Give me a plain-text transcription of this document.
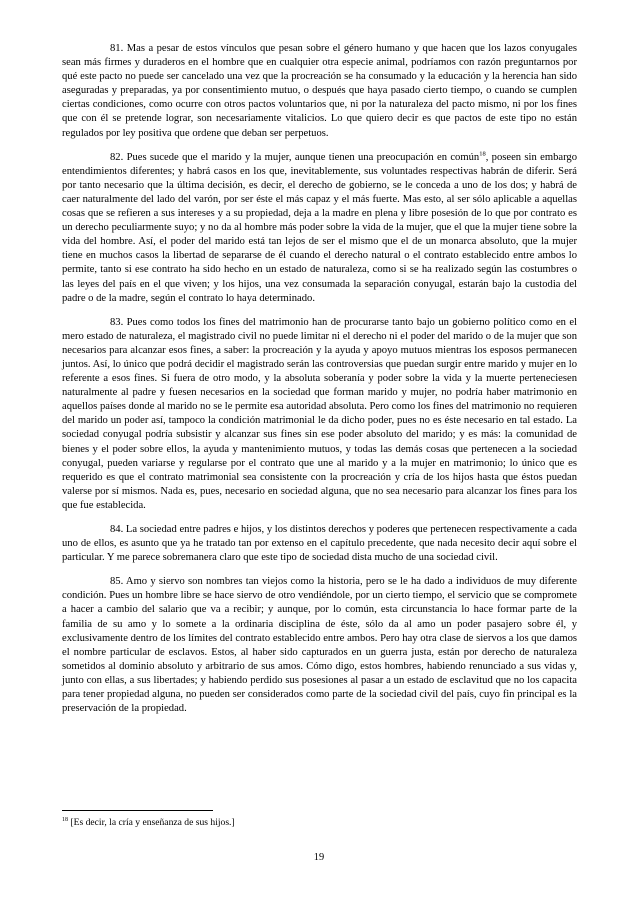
81. Mas a pesar de estos vínculos que pesan sobre el género humano y que hacen que los lazos conyugales sean más firmes y duraderos en el hombre que en cualquier otra especie animal, podríamos con razón preguntarnos por qué este pacto no puede ser cancelado una vez que la procreación se ha consumado y la educación y la herencia han sido aseguradas y preparadas, ya por consentimiento mutuo, o después que haya pasado cierto tiempo, o cuando se cumplen ciertas condiciones, como ocurre con otros pactos voluntarios que, ni por la naturaleza del pacto mismo, ni por los fines que con él se pretende lograr, son necesariamente vitalicios. Lo que quiero decir es que pactos de este tipo no están regulados por ley positiva que ordene que deban ser perpetuos.

82. Pues sucede que el marido y la mujer, aunque tienen una preocupación en común$^{18}$, poseen sin embargo entendimientos diferentes; y habrá casos en los que, inevitablemente, sus voluntades respectivas habrán de diferir. Será por tanto necesario que la última decisión, es decir, el derecho de gobierno, se le conceda a uno de los dos; y habrá de caer naturalmente del lado del varón, por ser éste el más capaz y el más fuerte. Mas esto, al ser sólo aplicable a aquellas cosas que se refieren a sus intereses y a su propiedad, deja a la madre en plena y libre posesión de lo que por contrato es un derecho peculiarmente suyo; y no da al hombre más poder sobre la vida de la mujer, que el que la mujer tiene sobre la vida del hombre. Así, el poder del marido está tan lejos de ser el mismo que el de un monarca absoluto, que la mujer tiene en muchos casos la libertad de separarse de él cuando el derecho natural o el contrato establecido entre ambos lo permite, tanto si ese contrato ha sido hecho en un estado de naturaleza, como si se ha realizado según las costumbres o las leyes del país en el que viven; y los hijos, una vez consumada la separación conyugal, estarán bajo la custodia del padre o de la madre, según el contrato lo haya determinado.

83. Pues como todos los fines del matrimonio han de procurarse tanto bajo un gobierno político como en el mero estado de naturaleza, el magistrado civil no puede limitar ni el derecho ni el poder del marido o de la mujer que son necesarios para alcanzar esos fines, a saber: la procreación y la ayuda y apoyo mutuos mientras los esposos permanecen juntos. Así, lo único que podrá decidir el magistrado serán las controversias que puedan surgir entre marido y mujer en lo referente a esos fines. Si fuera de otro modo, y la absoluta soberanía y poder sobre la vida y la muerte perteneciesen naturalmente al padre y fuesen necesarios en la sociedad que forman marido y mujer, no podría haber matrimonio en aquellos países donde al marido no se le permite esa autoridad absoluta. Pero como los fines del matrimonio no requieren del marido un poder así, tampoco la condición matrimonial le da dicho poder, pues no es éste necesario en tal estado. La sociedad conyugal podría subsistir y alcanzar sus fines sin ese poder absoluto del marido; y es más: la comunidad de bienes y el poder sobre ellos, la ayuda y mantenimiento mutuos, y todas las demás cosas que pertenecen a la sociedad conyugal, pueden variarse y regularse por el contrato que une al marido y a la mujer en matrimonio; lo único que es requerido es que el contrato matrimonial sea consistente con la procreación y cría de los hijos hasta que éstos puedan valerse por sí mismos. Nada es, pues, necesario en sociedad alguna, que no sea necesario para alcanzar los fines para los que fue establecida.

84. La sociedad entre padres e hijos, y los distintos derechos y poderes que pertenecen respectivamente a cada uno de ellos, es asunto que ya he tratado tan por extenso en el capítulo precedente, que nada necesito decir aquí sobre el particular. Y me parece sobremanera claro que este tipo de sociedad dista mucho de una sociedad civil.

85. Amo y siervo son nombres tan viejos como la historia, pero se le ha dado a individuos de muy diferente condición. Pues un hombre libre se hace siervo de otro vendiéndole, por un cierto tiempo, el servicio que se compromete a hacer a cambio del salario que va a recibir; y aunque, por lo común, esta circunstancia lo hace formar parte de la familia de su amo y lo somete a la ordinaria disciplina de éste, sólo da al amo un poder pasajero sobre él, y exclusivamente dentro de los límites del contrato establecido entre ambos. Pero hay otra clase de siervos a los que damos el nombre particular de esclavos. Estos, al haber sido capturados en un guerra justa, están por derecho de naturaleza sometidos al dominio absoluto y arbitrario de sus amos. Cómo digo, estos hombres, habiendo renunciado a sus vidas y, junto con ellas, a sus libertades; y habiendo perdido sus posesiones al pasar a un estado de esclavitud que no los capacita para tener propiedad alguna, no pueden ser considerados como parte de la sociedad civil del país, cuyo fin principal es la preservación de la propiedad.

$^{18}$ [Es decir, la cría y enseñanza de sus hijos.]
19
